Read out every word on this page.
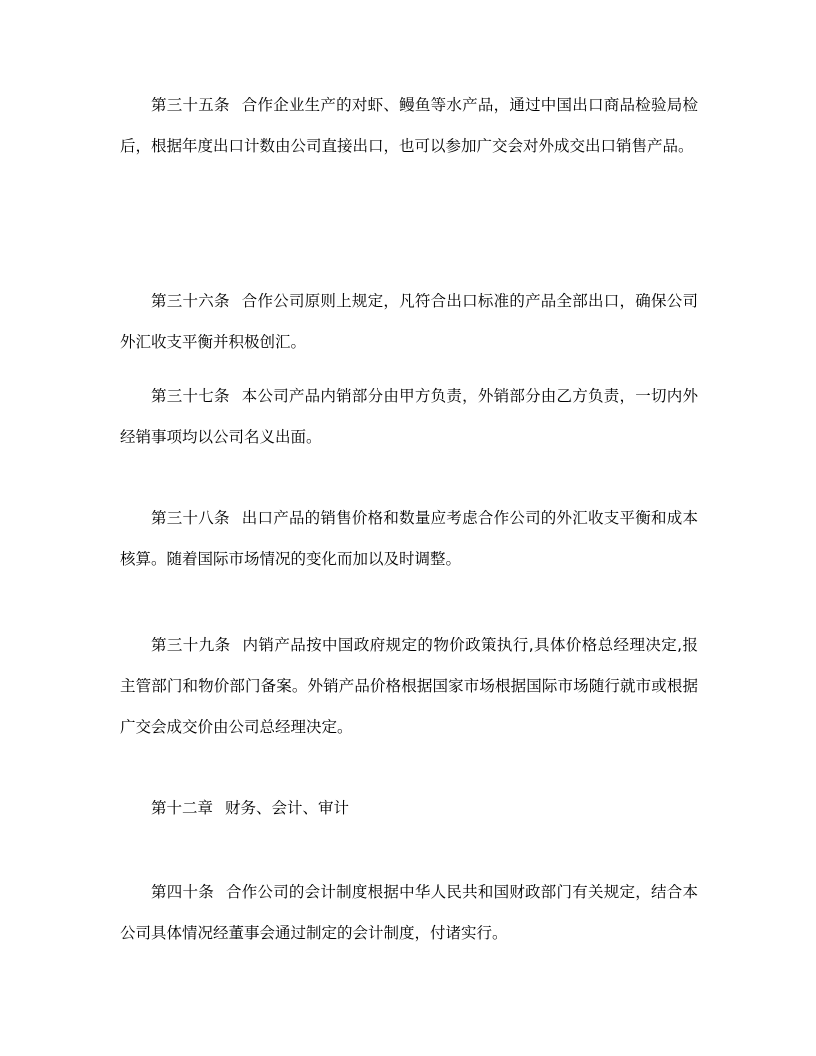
第三十五条 合作企业生产的对虾、鳗鱼等水产品，通过中国出口商品检验局检后，根据年度出口计数由公司直接出口，也可以参加广交会对外成交出口销售产品。

第三十六条 合作公司原则上规定，凡符合出口标准的产品全部出口，确保公司外汇收支平衡并积极创汇。

第三十七条 本公司产品内销部分由甲方负责，外销部分由乙方负责，一切内外经销事项均以公司名义出面。

第三十八条 出口产品的销售价格和数量应考虑合作公司的外汇收支平衡和成本核算。随着国际市场情况的变化而加以及时调整。

第三十九条 内销产品按中国政府规定的物价政策执行,具体价格总经理决定,报主管部门和物价部门备案。外销产品价格根据国家市场根据国际市场随行就市或根据广交会成交价由公司总经理决定。

第十二章 财务、会计、审计

第四十条 合作公司的会计制度根据中华人民共和国财政部门有关规定，结合本公司具体情况经董事会通过制定的会计制度，付诸实行。
